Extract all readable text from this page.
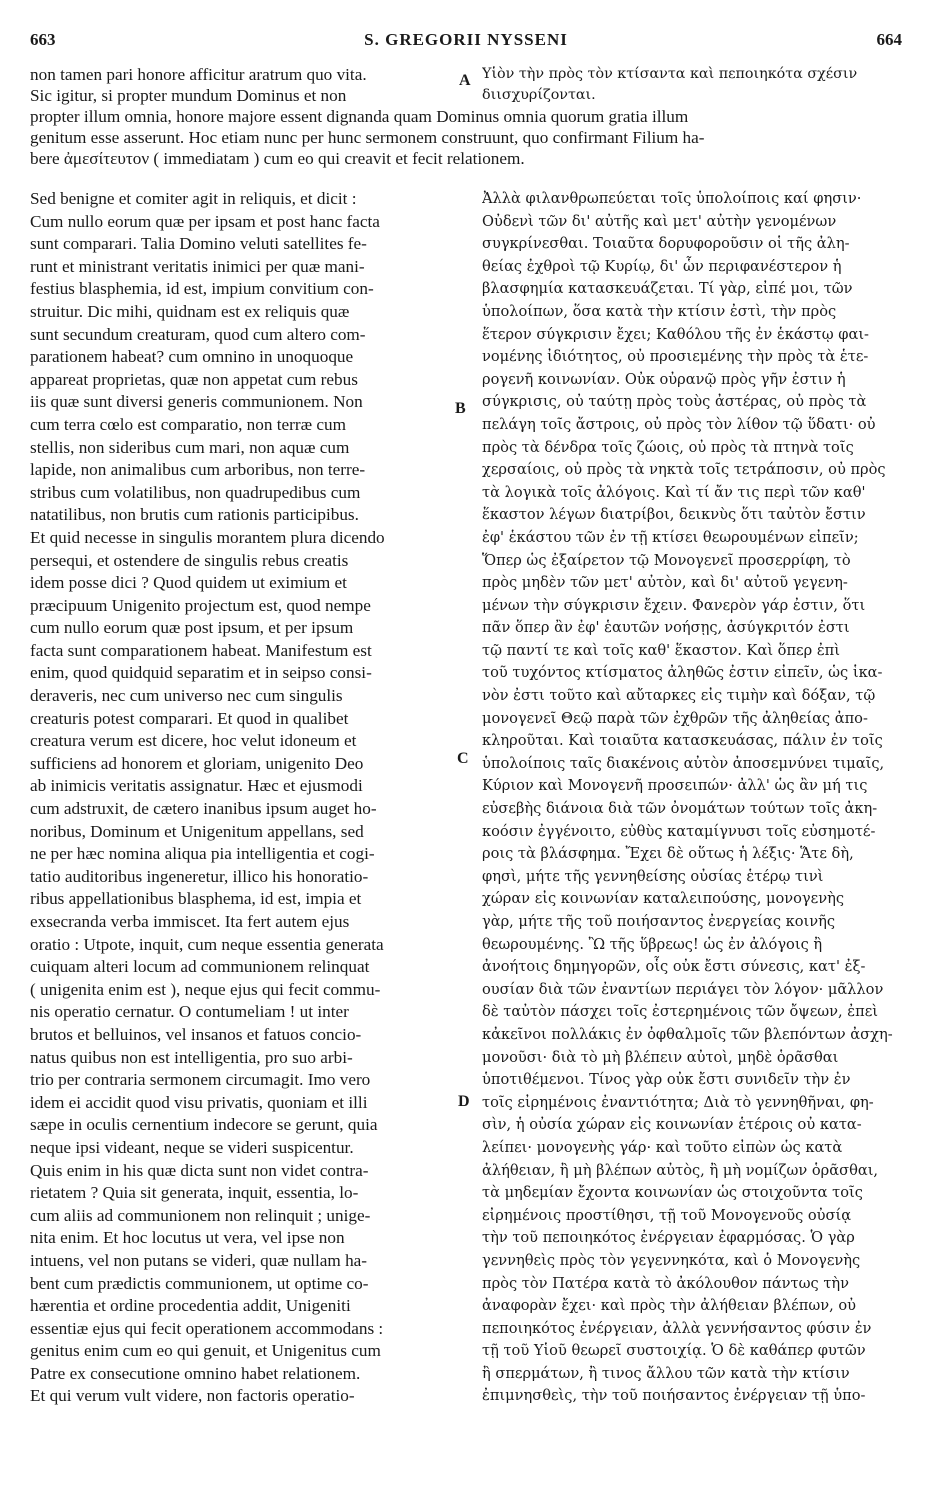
S. GREGORII NYSSENI
663	664
non tamen pari honore afficitur aratrum quo vita.
Sic igitur, si propter mundum Dominus et non
Υἱὸν τὴν πρὸς τὸν κτίσαντα καὶ πεποιηκότα σχέσιν
διισχυρίζονται.
A
propter illum omnia, honore majore essent dignanda quam Dominus omnia quorum gratia illum
genitum esse asserunt. Hoc etiam nunc per hunc sermonem construunt, quo confirmant Filium ha-
bere ἀμεσίτευτον ( immediatam ) cum eo qui creavit et fecit relationem.
Sed benigne et comiter agit in reliquis, et dicit :
Cum nullo eorum quæ per ipsam et post hanc facta
sunt comparari. Talia Domino veluti satellites fe-
runt et ministrant veritatis inimici per quæ mani-
festius blasphemia, id est, impium convitium con-
struitur. Dic mihi, quidnam est ex reliquis quæ
sunt secundum creaturam, quod cum altero com-
parationem habeat? cum omnino in unoquoque
appareat proprietas, quæ non appetat cum rebus
iis quæ sunt diversi generis communionem. Non
cum terra cœlo est comparatio, non terræ cum
stellis, non sideribus cum mari, non aquæ cum
lapide, non animalibus cum arboribus, non terre-
stribus cum volatilibus, non quadrupedibus cum
natatilibus, non brutis cum rationis participibus.
Et quid necesse in singulis morantem plura dicendo
persequi, et ostendere de singulis rebus creatis
idem posse dici ? Quod quidem ut eximium et
præcipuum Unigenito projectum est, quod nempe
cum nullo eorum quæ post ipsum, et per ipsum
facta sunt comparationem habeat. Manifestum est
enim, quod quidquid separatim et in seipso consi-
deraveris, nec cum universo nec cum singulis
creaturis potest comparari. Et quod in qualibet
creatura verum est dicere, hoc velut idoneum et
sufficiens ad honorem et gloriam, unigenito Deo
ab inimicis veritatis assignatur. Hæc et ejusmodi
cum adstruxit, de cætero inanibus ipsum auget ho-
noribus, Dominum et Unigenitum appellans, sed
ne per hæc nomina aliqua pia intelligentia et cogi-
tatio auditoribus ingeneretur, illico his honoratio-
ribus appellationibus blasphema, id est, impia et
exsecranda verba immiscet. Ita fert autem ejus
oratio : Utpote, inquit, cum neque essentia generata
cuiquam alteri locum ad communionem relinquat
( unigenita enim est ), neque ejus qui fecit commu-
nis operatio cernatur. O contumeliam ! ut inter
brutos et belluinos, vel insanos et fatuos concio-
natus quibus non est intelligentia, pro suo arbi-
trio per contraria sermonem circumagit. Imo vero
idem ei accidit quod visu privatis, quoniam et illi
sæpe in oculis cernentium indecore se gerunt, quia
neque ipsi videant, neque se videri suspicentur.
Quis enim in his quæ dicta sunt non videt contra-
rietatem ? Quia sit generata, inquit, essentia, lo-
cum aliis ad communionem non relinquit ; unige-
nita enim. Et hoc locutus ut vera, vel ipse non
intuens, vel non putans se videri, quæ nullam ha-
bent cum prædictis communionem, ut optime co-
hærentia et ordine procedentia addit, Unigeniti
essentiæ ejus qui fecit operationem accommodans :
genitus enim cum eo qui genuit, et Unigenitus cum
Patre ex consecutione omnino habet relationem.
Et qui verum vult videre, non factoris operatio-
Ἀλλὰ φιλανθρωπεύεται τοῖς ὑπολοίποις καί φησιν·
Οὐδενὶ τῶν δι' αὐτῆς καὶ μετ' αὐτὴν γενομένων
συγκρίνεσθαι. Τοιαῦτα δορυφοροῦσιν οἱ τῆς ἀλη-
θείας ἐχθροὶ τῷ Κυρίῳ, δι' ὧν περιφανέστερον ἡ
βλασφημία κατασκευάζεται. Τί γὰρ, εἰπέ μοι, τῶν
ὑπολοίπων, ὅσα κατὰ τὴν κτίσιν ἐστὶ, τὴν πρὸς
ἕτερον σύγκρισιν ἔχει; Καθόλου τῆς ἐν ἑκάστῳ φαι-
νομένης ἰδιότητος, οὐ προσιεμένης τὴν πρὸς τὰ ἑτε-
ρογενῆ κοινωνίαν. Οὐκ οὐρανῷ πρὸς γῆν ἐστιν ἡ
σύγκρισις, οὐ ταύτῃ πρὸς τοὺς ἀστέρας, οὐ πρὸς τὰ
πελάγη τοῖς ἄστροις, οὐ πρὸς τὸν λίθον τῷ ὕδατι· οὐ
πρὸς τὰ δένδρα τοῖς ζώοις, οὐ πρὸς τὰ πτηνὰ τοῖς
χερσαίοις, οὐ πρὸς τὰ νηκτὰ τοῖς τετράποσιν, οὐ πρὸς
τὰ λογικὰ τοῖς ἀλόγοις. Καὶ τί ἄν τις περὶ τῶν καθ'
ἕκαστον λέγων διατρίβοι, δεικνὺς ὅτι ταὐτὸν ἔστιν
ἐφ' ἑκάστου τῶν ἐν τῇ κτίσει θεωρουμένων εἰπεῖν;
Ὅπερ ὡς ἐξαίρετον τῷ Μονογενεῖ προσερρίφη, τὸ
πρὸς μηδὲν τῶν μετ' αὐτὸν, καὶ δι' αὐτοῦ γεγενη-
μένων τὴν σύγκρισιν ἔχειν. Φανερὸν γάρ ἐστιν, ὅτι
πᾶν ὅπερ ἂν ἐφ' ἑαυτῶν νοήσῃς, ἀσύγκριτόν ἐστι
τῷ παντί τε καὶ τοῖς καθ' ἕκαστον. Καὶ ὅπερ ἐπὶ
τοῦ τυχόντος κτίσματος ἀληθῶς ἐστιν εἰπεῖν, ὡς ἱκα-
νὸν ἐστι τοῦτο καὶ αὔταρκες εἰς τιμὴν καὶ δόξαν, τῷ
μονογενεῖ Θεῷ παρὰ τῶν ἐχθρῶν τῆς ἀληθείας ἀπο-
κληροῦται. Καὶ τοιαῦτα κατασκευάσας, πάλιν ἐν τοῖς
ὑπολοίποις ταῖς διακένοις αὐτὸν ἀποσεμνύνει τιμαῖς,
Κύριον καὶ Μονογενῆ προσειπών· ἀλλ' ὡς ἂν μή τις
εὐσεβὴς διάνοια διὰ τῶν ὀνομάτων τούτων τοῖς ἀκη-
κοόσιν ἐγγένοιτο, εὐθὺς καταμίγνυσι τοῖς εὐσημοτέ-
ροις τὰ βλάσφημα. Ἔχει δὲ οὕτως ἡ λέξις· Ἅτε δὴ,
φησὶ, μήτε τῆς γεννηθείσης οὐσίας ἑτέρῳ τινὶ
χώραν εἰς κοινωνίαν καταλειπούσης, μονογενὴς
γὰρ, μήτε τῆς τοῦ ποιήσαντος ἐνεργείας κοινῆς
θεωρουμένης. Ὢ τῆς ὕβρεως! ὡς ἐν ἀλόγοις ἢ
ἀνοήτοις δημηγορῶν, οἷς οὐκ ἔστι σύνεσις, κατ' ἐξ-
ουσίαν διὰ τῶν ἐναντίων περιάγει τὸν λόγον· μᾶλλον
δὲ ταὐτὸν πάσχει τοῖς ἐστερημένοις τῶν ὄψεων, ἐπεὶ
κἀκεῖνοι πολλάκις ἐν ὀφθαλμοῖς τῶν βλεπόντων ἀσχη-
μονοῦσι· διὰ τὸ μὴ βλέπειν αὐτοὶ, μηδὲ ὁρᾶσθαι
ὑποτιθέμενοι. Τίνος γὰρ οὐκ ἔστι συνιδεῖν τὴν ἐν
τοῖς εἰρημένοις ἐναντιότητα; Διὰ τὸ γεννηθῆναι, φη-
σὶν, ἡ οὐσία χώραν εἰς κοινωνίαν ἑτέροις οὐ κατα-
λείπει· μονογενὴς γάρ· καὶ τοῦτο εἰπὼν ὡς κατὰ
ἀλήθειαν, ἢ μὴ βλέπων αὐτὸς, ἢ μὴ νομίζων ὁρᾶσθαι,
τὰ μηδεμίαν ἔχοντα κοινωνίαν ὡς στοιχοῦντα τοῖς
εἰρημένοις προστίθησι, τῇ τοῦ Μονογενοῦς οὐσίᾳ
τὴν τοῦ πεποιηκότος ἐνέργειαν ἐφαρμόσας. Ὁ γὰρ
γεννηθεὶς πρὸς τὸν γεγεννηκότα, καὶ ὁ Μονογενὴς
πρὸς τὸν Πατέρα κατὰ τὸ ἀκόλουθον πάντως τὴν
ἀναφορὰν ἔχει· καὶ πρὸς τὴν ἀλήθειαν βλέπων, οὐ
πεποιηκότος ἐνέργειαν, ἀλλὰ γεννήσαντος φύσιν ἐν
τῇ τοῦ Υἱοῦ θεωρεῖ συστοιχίᾳ. Ὁ δὲ καθάπερ φυτῶν
ἢ σπερμάτων, ἢ τινος ἄλλου τῶν κατὰ τὴν κτίσιν
ἐπιμνησθεὶς, τὴν τοῦ ποιήσαντος ἐνέργειαν τῇ ὑπο-
B
C
D
